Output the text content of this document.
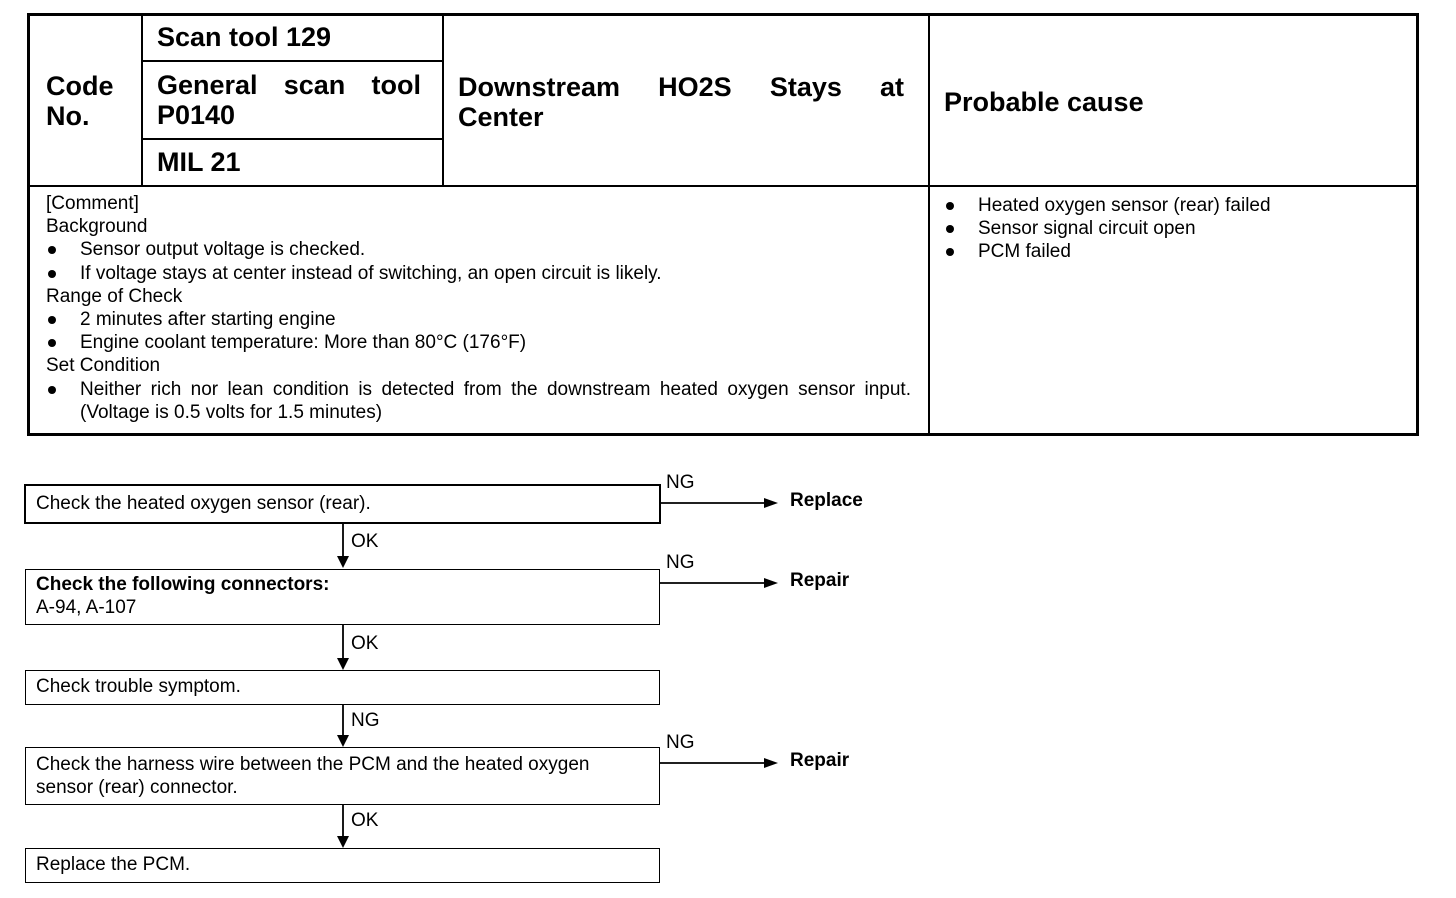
Code No.
Scan tool 129
General scan tool P0140
MIL 21
Downstream HO2S Stays at Center	Probable cause
[Comment]
Background
Sensor output voltage is checked.
If voltage stays at center instead of switching, an open circuit is likely.
Range of Check
2 minutes after starting engine
Engine coolant temperature: More than 80°C (176°F)
Set Condition
Neither rich nor lean condition is detected from the downstream heated oxygen sensor input. (Voltage is 0.5 volts for 1.5 minutes)
Heated oxygen sensor (rear) failed
Sensor signal circuit open
PCM failed
Check the heated oxygen sensor (rear).
Check the following connectors:
A-94, A-107
Check trouble symptom.
Check the harness wire between the PCM and the heated oxygen sensor (rear) connector.
Replace the PCM.
OK
OK
NG
OK
NG
NG
NG
Replace
Repair
Repair
